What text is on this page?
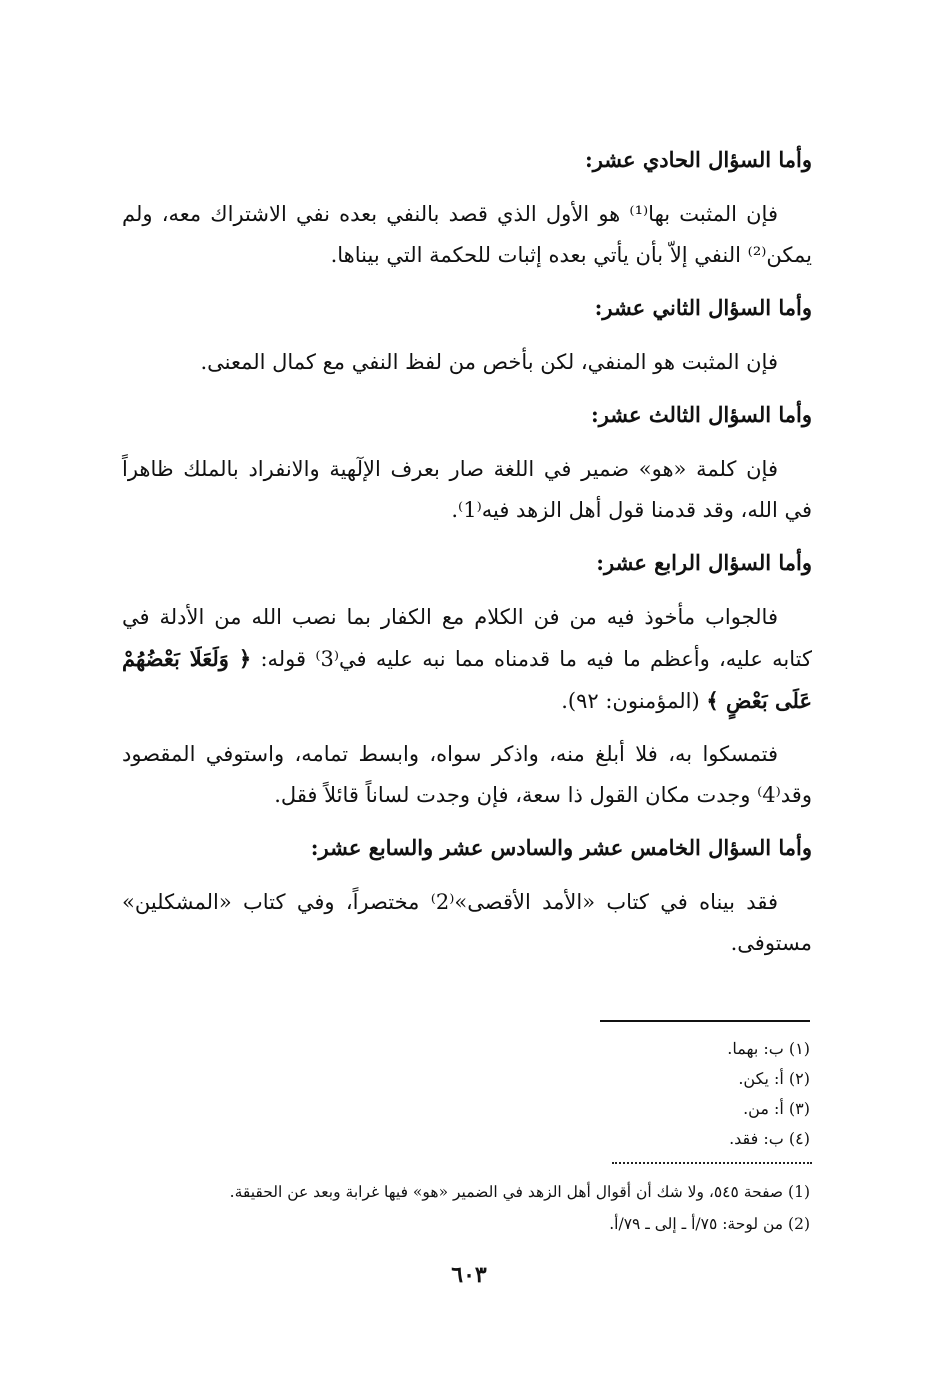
وأما السؤال الحادي عشر:

فإن المثبت بها⁽¹⁾ هو الأول الذي قصد بالنفي بعده نفي الاشتراك معه، ولم يمكن⁽²⁾ النفي إلاّ بأن يأتي بعده إثبات للحكمة التي بيناها.

وأما السؤال الثاني عشر:

فإن المثبت هو المنفي، لكن بأخص من لفظ النفي مع كمال المعنى.

وأما السؤال الثالث عشر:

فإن كلمة «هو» ضمير في اللغة صار بعرف الإلٓهية والانفراد بالملك ظاهراً في الله، وقد قدمنا قول أهل الزهد فيه⁽1⁾.

وأما السؤال الرابع عشر:

فالجواب مأخوذ فيه من فن الكلام مع الكفار بما نصب الله من الأدلة في كتابه عليه، وأعظم ما فيه ما قدمناه مما نبه عليه في⁽3⁾ قوله: ﴿ وَلَعَلَا بَعْضُهُمْ عَلَى بَعْضٍ ﴾ (المؤمنون: ٩٢).

فتمسكوا به، فلا أبلغ منه، واذكر سواه، وابسط تمامه، واستوفي المقصود وقد⁽4⁾ وجدت مكان القول ذا سعة، فإن وجدت لساناً قائلاً فقل.

وأما السؤال الخامس عشر والسادس عشر والسابع عشر:

فقد بيناه في كتاب «الأمد الأقصى»⁽2⁾ مختصراً، وفي كتاب «المشكلين» مستوفى.

(١) ب: بهما.

(٢) أ: يكن.

(٣) أ: من.

(٤) ب: فقد.

(1) صفحة ٥٤٥، ولا شك أن أقوال أهل الزهد في الضمير «هو» فيها غرابة وبعد عن الحقيقة.

(2) من لوحة: ٧٥/أ ـ إلى ـ ٧٩/أ.

٦٠٣
